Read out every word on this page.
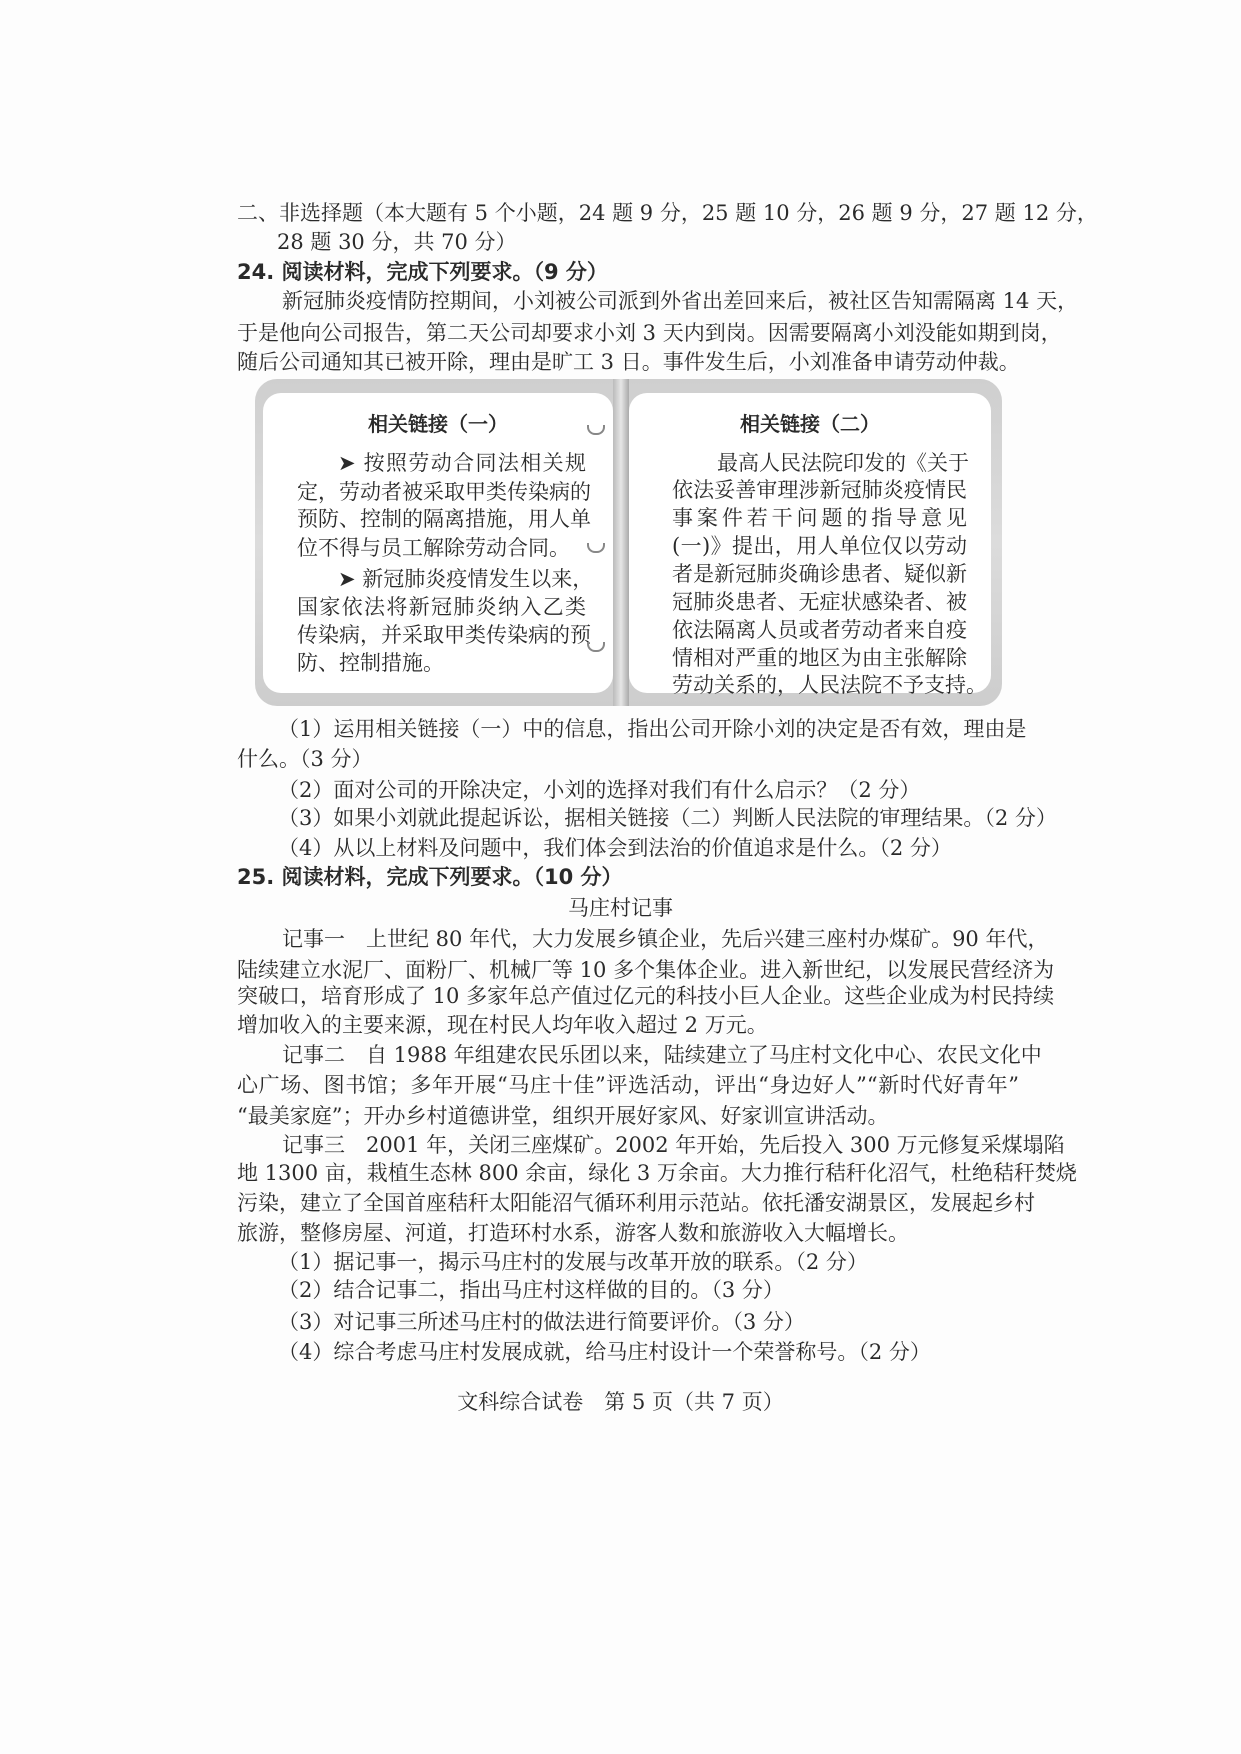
二、非选择题（本大题有 5 个小题，24 题 9 分，25 题 10 分，26 题 9 分，27 题 12 分，
28 题 30 分，共 70 分）
24. 阅读材料，完成下列要求。（9 分）
新冠肺炎疫情防控期间，小刘被公司派到外省出差回来后，被社区告知需隔离 14 天，
于是他向公司报告，第二天公司却要求小刘 3 天内到岗。因需要隔离小刘没能如期到岗，
随后公司通知其已被开除，理由是旷工 3 日。事件发生后，小刘准备申请劳动仲裁。
相关链接（一）
➤ 按照劳动合同法相关规
定，劳动者被采取甲类传染病的
预防、控制的隔离措施，用人单
位不得与员工解除劳动合同。
➤ 新冠肺炎疫情发生以来，
国家依法将新冠肺炎纳入乙类
传染病，并采取甲类传染病的预
防、控制措施。
相关链接（二）
最高人民法院印发的《关于
依法妥善审理涉新冠肺炎疫情民
事案件若干问题的指导意见
(一)》提出，用人单位仅以劳动
者是新冠肺炎确诊患者、疑似新
冠肺炎患者、无症状感染者、被
依法隔离人员或者劳动者来自疫
情相对严重的地区为由主张解除
劳动关系的，人民法院不予支持。
（1）运用相关链接（一）中的信息，指出公司开除小刘的决定是否有效，理由是
什么。（3 分）
（2）面对公司的开除决定，小刘的选择对我们有什么启示？（2 分）
（3）如果小刘就此提起诉讼，据相关链接（二）判断人民法院的审理结果。（2 分）
（4）从以上材料及问题中，我们体会到法治的价值追求是什么。（2 分）
25. 阅读材料，完成下列要求。（10 分）
马庄村记事
记事一　上世纪 80 年代，大力发展乡镇企业，先后兴建三座村办煤矿。90 年代，
陆续建立水泥厂、面粉厂、机械厂等 10 多个集体企业。进入新世纪，以发展民营经济为
突破口，培育形成了 10 多家年总产值过亿元的科技小巨人企业。这些企业成为村民持续
增加收入的主要来源，现在村民人均年收入超过 2 万元。
记事二　自 1988 年组建农民乐团以来，陆续建立了马庄村文化中心、农民文化中
心广场、图书馆；多年开展“马庄十佳”评选活动，评出“身边好人”“新时代好青年”
“最美家庭”；开办乡村道德讲堂，组织开展好家风、好家训宣讲活动。
记事三　2001 年，关闭三座煤矿。2002 年开始，先后投入 300 万元修复采煤塌陷
地 1300 亩，栽植生态林 800 余亩，绿化 3 万余亩。大力推行秸秆化沼气，杜绝秸秆焚烧
污染，建立了全国首座秸秆太阳能沼气循环利用示范站。依托潘安湖景区，发展起乡村
旅游，整修房屋、河道，打造环村水系，游客人数和旅游收入大幅增长。
（1）据记事一，揭示马庄村的发展与改革开放的联系。（2 分）
（2）结合记事二，指出马庄村这样做的目的。（3 分）
（3）对记事三所述马庄村的做法进行简要评价。（3 分）
（4）综合考虑马庄村发展成就，给马庄村设计一个荣誉称号。（2 分）
文科综合试卷　第 5 页（共 7 页）
